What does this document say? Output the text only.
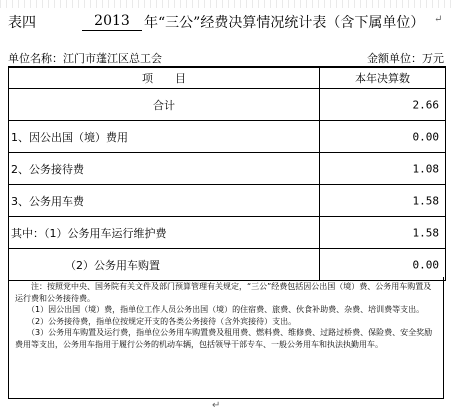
表四	2013	年“三公”经费决算情况统计表（含下属单位） ↵
单位名称：江门市蓬江区总工会	金额单位：万元
项　　目	本年决算数
合计	2.66
1、因公出国（境）费用	0.00
2、公务接待费	1.08
3、公务用车费	1.58
其中：（1）公务用车运行维护费	1.58
（2）公务用车购置	0.00
　　注：按照党中央、国务院有关文件及部门预算管理有关规定，“三公”经费包括因公出国（境）费、公务用车购置及运行费和公务接待费。
　　（1）因公出国（境）费，指单位工作人员公务出国（境）的住宿费、旅费、伙食补助费、杂费、培训费等支出。
　　（2）公务接待费，指单位按规定开支的各类公务接待（含外宾接待）支出。
　　（3）公务用车购置及运行费，指单位公务用车购置费及租用费、燃料费、维修费、过路过桥费、保险费、安全奖励费用等支出，公务用车指用于履行公务的机动车辆，包括领导干部专车、一般公务用车和执法执勤用车。
↵
